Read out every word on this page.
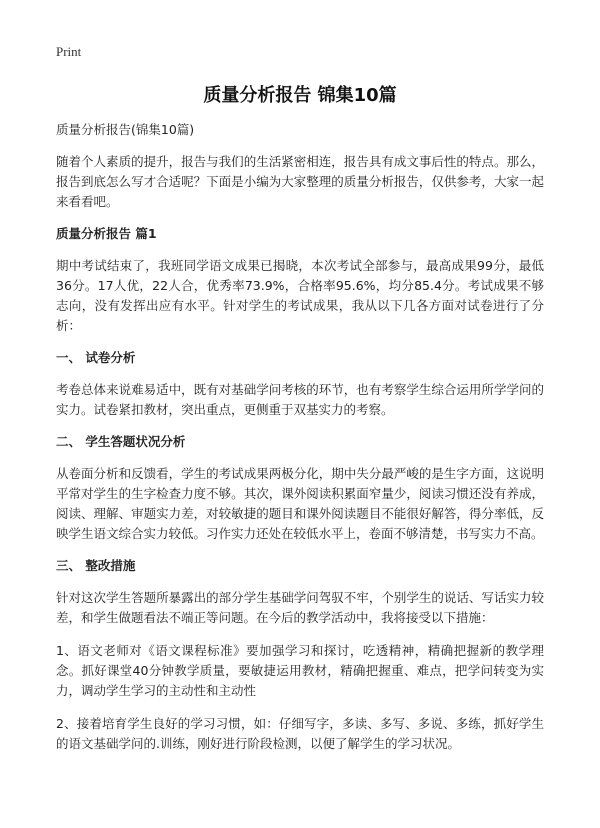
Print
质量分析报告 锦集10篇
质量分析报告(锦集10篇)

随着个人素质的提升，报告与我们的生活紧密相连，报告具有成文事后性的特点。那么，报告到底怎么写才合适呢？下面是小编为大家整理的质量分析报告，仅供参考，大家一起来看看吧。

质量分析报告 篇1

期中考试结束了，我班同学语文成果已揭晓，本次考试全部参与，最高成果99分，最低36分。17人优，22人合，优秀率73.9%，合格率95.6%，均分85.4分。考试成果不够志向，没有发挥出应有水平。针对学生的考试成果，我从以下几各方面对试卷进行了分析：

一、 试卷分析

考卷总体来说难易适中，既有对基础学问考核的环节，也有考察学生综合运用所学学问的实力。试卷紧扣教材，突出重点，更侧重于双基实力的考察。

二、 学生答题状况分析

从卷面分析和反馈看，学生的考试成果两极分化，期中失分最严峻的是生字方面，这说明平常对学生的生字检查力度不够。其次，课外阅读积累面窄量少，阅读习惯还没有养成，阅读、理解、审题实力差，对较敏捷的题目和课外阅读题目不能很好解答，得分率低，反映学生语文综合实力较低。习作实力还处在较低水平上，卷面不够清楚，书写实力不高。

三、 整改措施

针对这次学生答题所暴露出的部分学生基础学问驾驭不牢，个别学生的说话、写话实力较差，和学生做题看法不端正等问题。在今后的教学活动中，我将接受以下措施：

1、语文老师对《语文课程标准》要加强学习和探讨，吃透精神，精确把握新的教学理念。抓好课堂40分钟教学质量，要敏捷运用教材，精确把握重、难点，把学问转变为实力，调动学生学习的主动性和主动性

2、接着培育学生良好的学习习惯，如：仔细写字，多读、多写、多说、多练，抓好学生的语文基础学问的.训练，刚好进行阶段检测，以便了解学生的学习状况。
